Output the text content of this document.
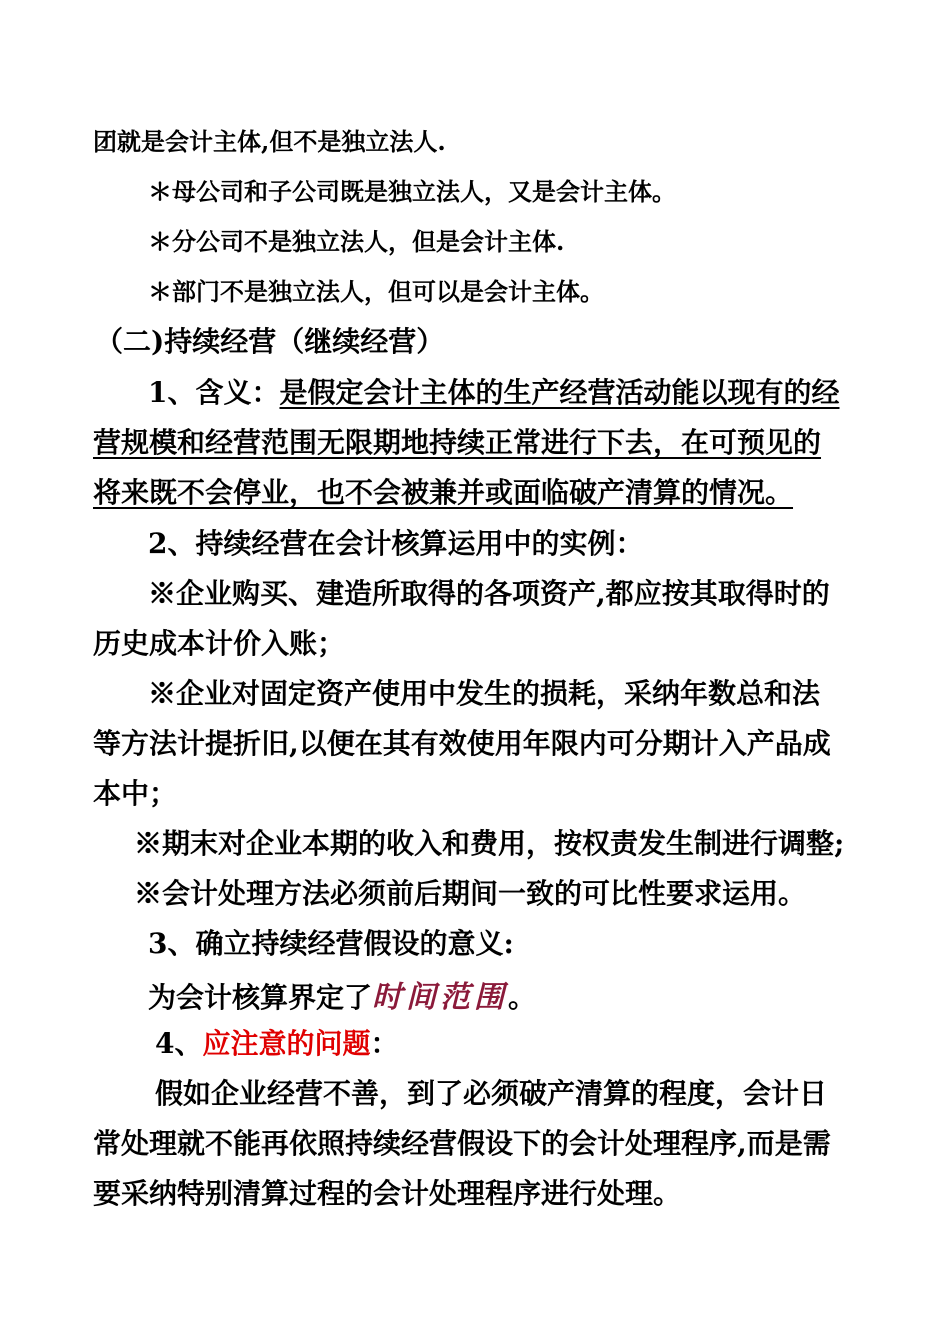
团就是会计主体,但不是独立法人.
＊母公司和子公司既是独立法人，又是会计主体。
＊分公司不是独立法人，但是会计主体.
＊部门不是独立法人，但可以是会计主体。
（二)持续经营（继续经营）
1、含义：是假定会计主体的生产经营活动能以现有的经
营规模和经营范围无限期地持续正常进行下去，在可预见的
将来既不会停业，也不会被兼并或面临破产清算的情况。
2、持续经营在会计核算运用中的实例：
※企业购买、建造所取得的各项资产,都应按其取得时的
历史成本计价入账；
※企业对固定资产使用中发生的损耗，采纳年数总和法
等方法计提折旧,以便在其有效使用年限内可分期计入产品成
本中；
※期末对企业本期的收入和费用，按权责发生制进行调整;
※会计处理方法必须前后期间一致的可比性要求运用。
3、确立持续经营假设的意义:
为会计核算界定了时间范围。
4、应注意的问题：
假如企业经营不善，到了必须破产清算的程度，会计日
常处理就不能再依照持续经营假设下的会计处理程序,而是需
要采纳特别清算过程的会计处理程序进行处理。
